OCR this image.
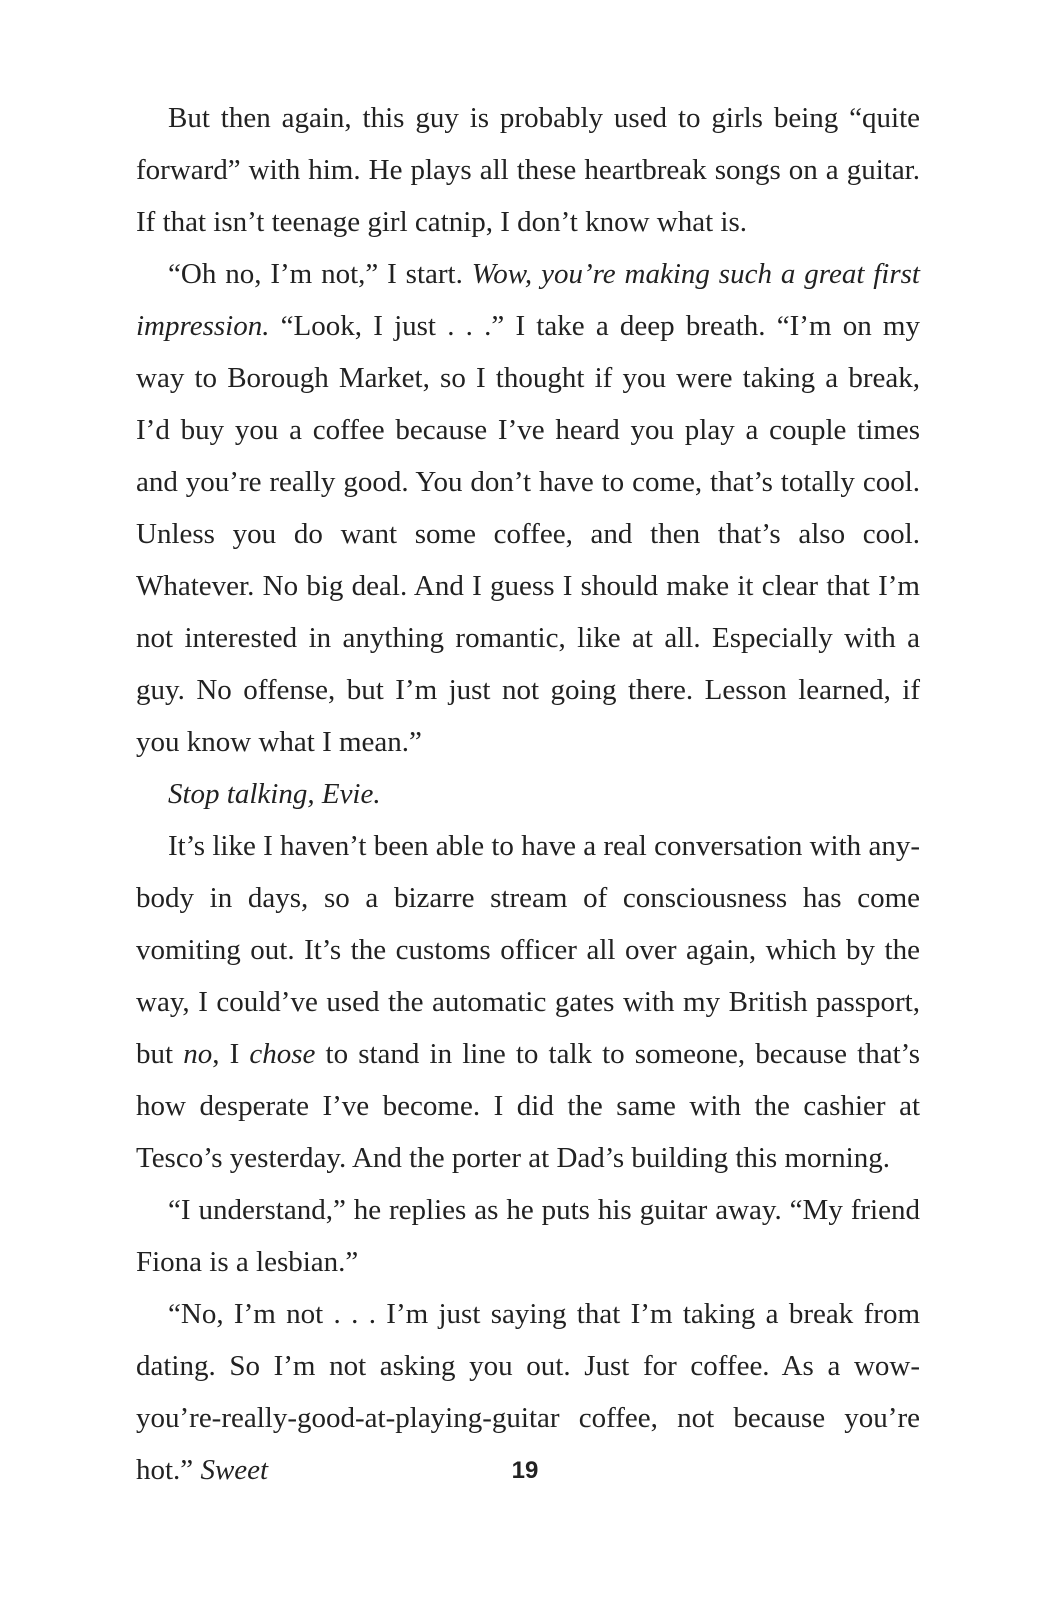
But then again, this guy is probably used to girls being “quite forward” with him. He plays all these heartbreak songs on a guitar. If that isn’t teenage girl catnip, I don’t know what is.

“Oh no, I’m not,” I start. Wow, you’re making such a great first impression. “Look, I just . . .” I take a deep breath. “I’m on my way to Borough Market, so I thought if you were taking a break, I’d buy you a coffee because I’ve heard you play a couple times and you’re really good. You don’t have to come, that’s totally cool. Unless you do want some coffee, and then that’s also cool. Whatever. No big deal. And I guess I should make it clear that I’m not interested in anything romantic, like at all. Especially with a guy. No offense, but I’m just not going there. Lesson learned, if you know what I mean.”

Stop talking, Evie.

It’s like I haven’t been able to have a real conversation with anybody in days, so a bizarre stream of consciousness has come vomiting out. It’s the customs officer all over again, which by the way, I could’ve used the automatic gates with my British passport, but no, I chose to stand in line to talk to someone, because that’s how desperate I’ve become. I did the same with the cashier at Tesco’s yesterday. And the porter at Dad’s building this morning.

“I understand,” he replies as he puts his guitar away. “My friend Fiona is a lesbian.”

“No, I’m not . . . I’m just saying that I’m taking a break from dating. So I’m not asking you out. Just for coffee. As a wow-you’re-really-good-at-playing-guitar coffee, not because you’re hot.” Sweet	19
